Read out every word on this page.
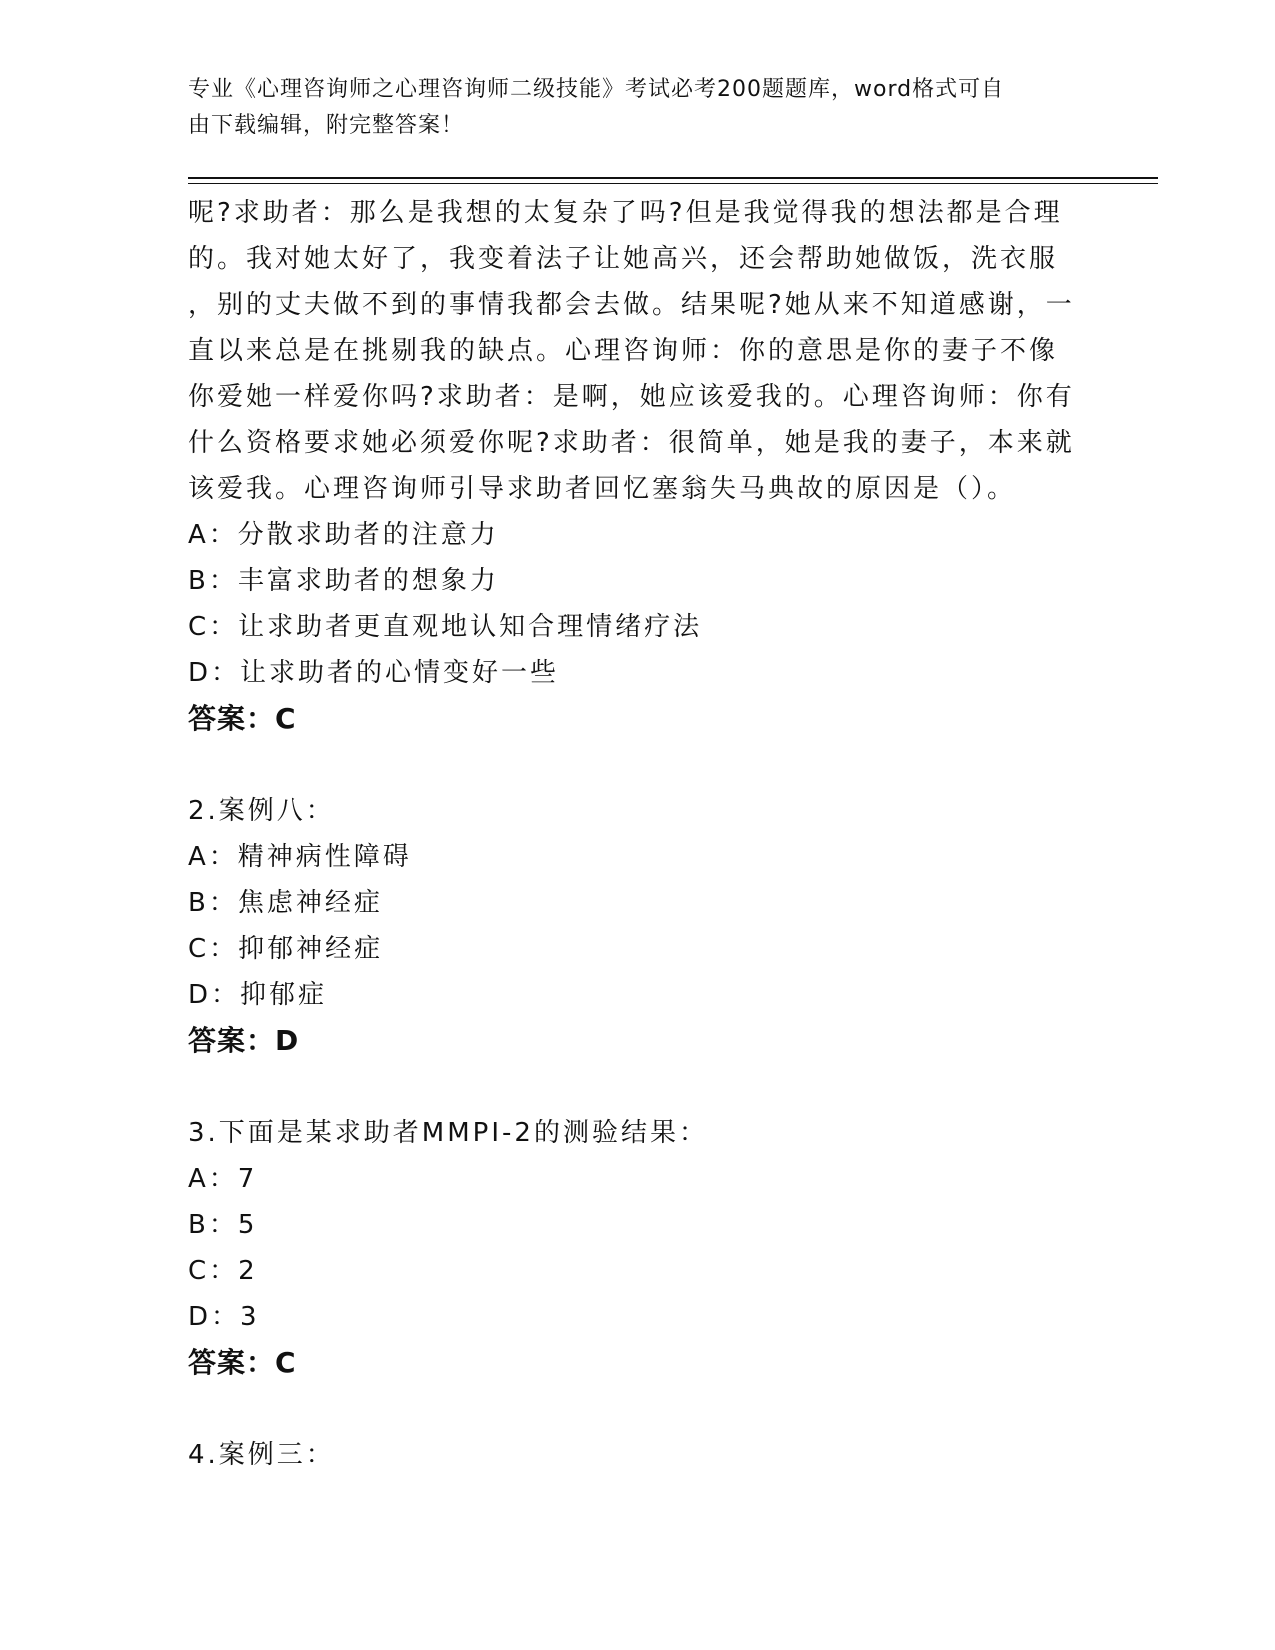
专业《心理咨询师之心理咨询师二级技能》考试必考200题题库，word格式可自
由下载编辑，附完整答案！
呢?求助者：那么是我想的太复杂了吗?但是我觉得我的想法都是合理
的。我对她太好了，我变着法子让她高兴，还会帮助她做饭，洗衣服
，别的丈夫做不到的事情我都会去做。结果呢?她从来不知道感谢，一
直以来总是在挑剔我的缺点。心理咨询师：你的意思是你的妻子不像
你爱她一样爱你吗?求助者：是啊，她应该爱我的。心理咨询师：你有
什么资格要求她必须爱你呢?求助者：很简单，她是我的妻子，本来就
该爱我。心理咨询师引导求助者回忆塞翁失马典故的原因是（）。
A：分散求助者的注意力
B：丰富求助者的想象力
C：让求助者更直观地认知合理情绪疗法
D：让求助者的心情变好一些
答案：C
2.案例八：
A：精神病性障碍
B：焦虑神经症
C：抑郁神经症
D：抑郁症
答案：D
3.下面是某求助者MMPI-2的测验结果：
A：7
B：5
C：2
D：3
答案：C
4.案例三：
